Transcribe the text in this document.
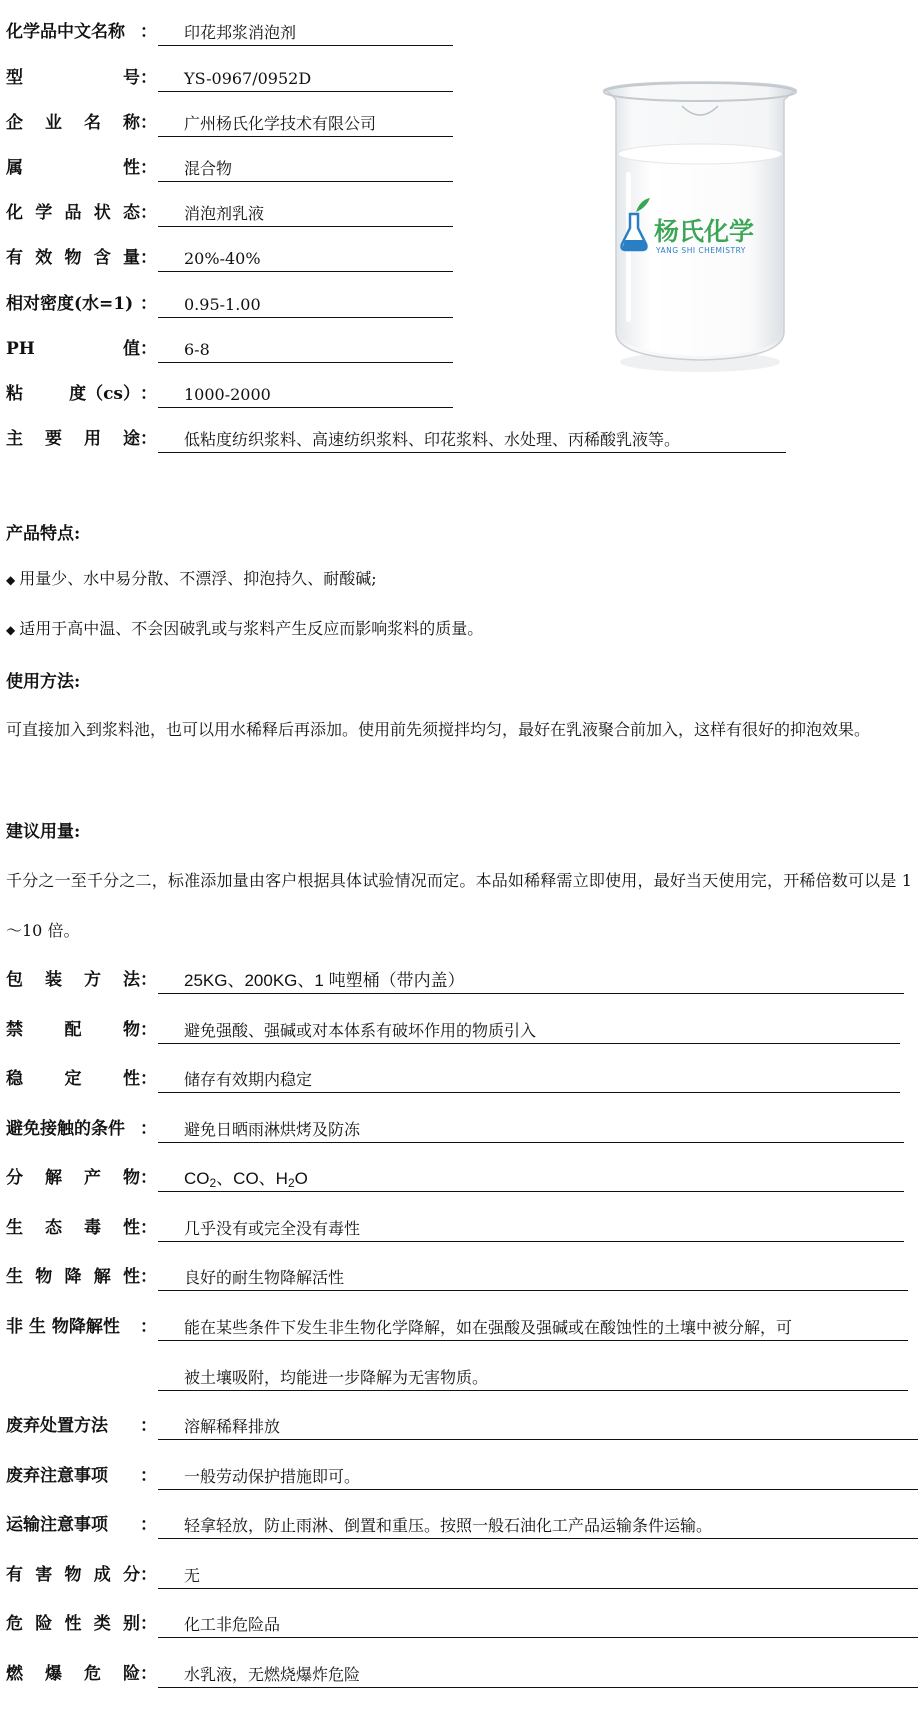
化学品中文名称 ：	印花邦浆消泡剂
型	号 ：	YS-0967/0952D
企 业 名 称 ：	广州杨氏化学技术有限公司
属	性 ：	混合物
化 学 品 状 态 ：	消泡剂乳液
有 效 物 含 量 ：	20%-40%
相对密度(水=1) ：	0.95-1.00
PH	值 ：	6-8
粘	度（cs） ：	1000-2000
主 要 用 途 ：	低粘度纺织浆料、高速纺织浆料、印花浆料、水处理、丙稀酸乳液等。
杨氏化学
YANG SHI CHEMISTRY
产品特点:
◆ 用量少、水中易分散、不漂浮、抑泡持久、耐酸碱;
◆ 适用于高中温、不会因破乳或与浆料产生反应而影响浆料的质量。
使用方法:
可直接加入到浆料池，也可以用水稀释后再添加。使用前先须搅拌均匀，最好在乳液聚合前加入，这样有很好的抑泡效果。
建议用量:
千分之一至千分之二，标准添加量由客户根据具体试验情况而定。本品如稀释需立即使用，最好当天使用完，开稀倍数可以是 1～10 倍。
包 装 方 法 ：	25KG、200KG、1 吨塑桶（带内盖）
禁 配 物 ：	避免强酸、强碱或对本体系有破坏作用的物质引入
稳 定 性 ：	储存有效期内稳定
避免接触的条件 ：	避免日晒雨淋烘烤及防冻
分 解 产 物 ：	$CO_2$、CO、$H_2O$
生 态 毒 性 ：	几乎没有或完全没有毒性
生 物 降 解 性 ：	良好的耐生物降解活性
非 生 物降解性	：	能在某些条件下发生非生物化学降解，如在强酸及强碱或在酸蚀性的土壤中被分解，可
被土壤吸附，均能进一步降解为无害物质。
废弃处置方法	：	溶解稀释排放
废弃注意事项	：	一般劳动保护措施即可。
运输注意事项	：	轻拿轻放，防止雨淋、倒置和重压。按照一般石油化工产品运输条件运输。
有 害 物 成 分 ：	无
危 险 性 类 别 ：	化工非危险品
燃 爆 危 险 ：	水乳液，无燃烧爆炸危险
